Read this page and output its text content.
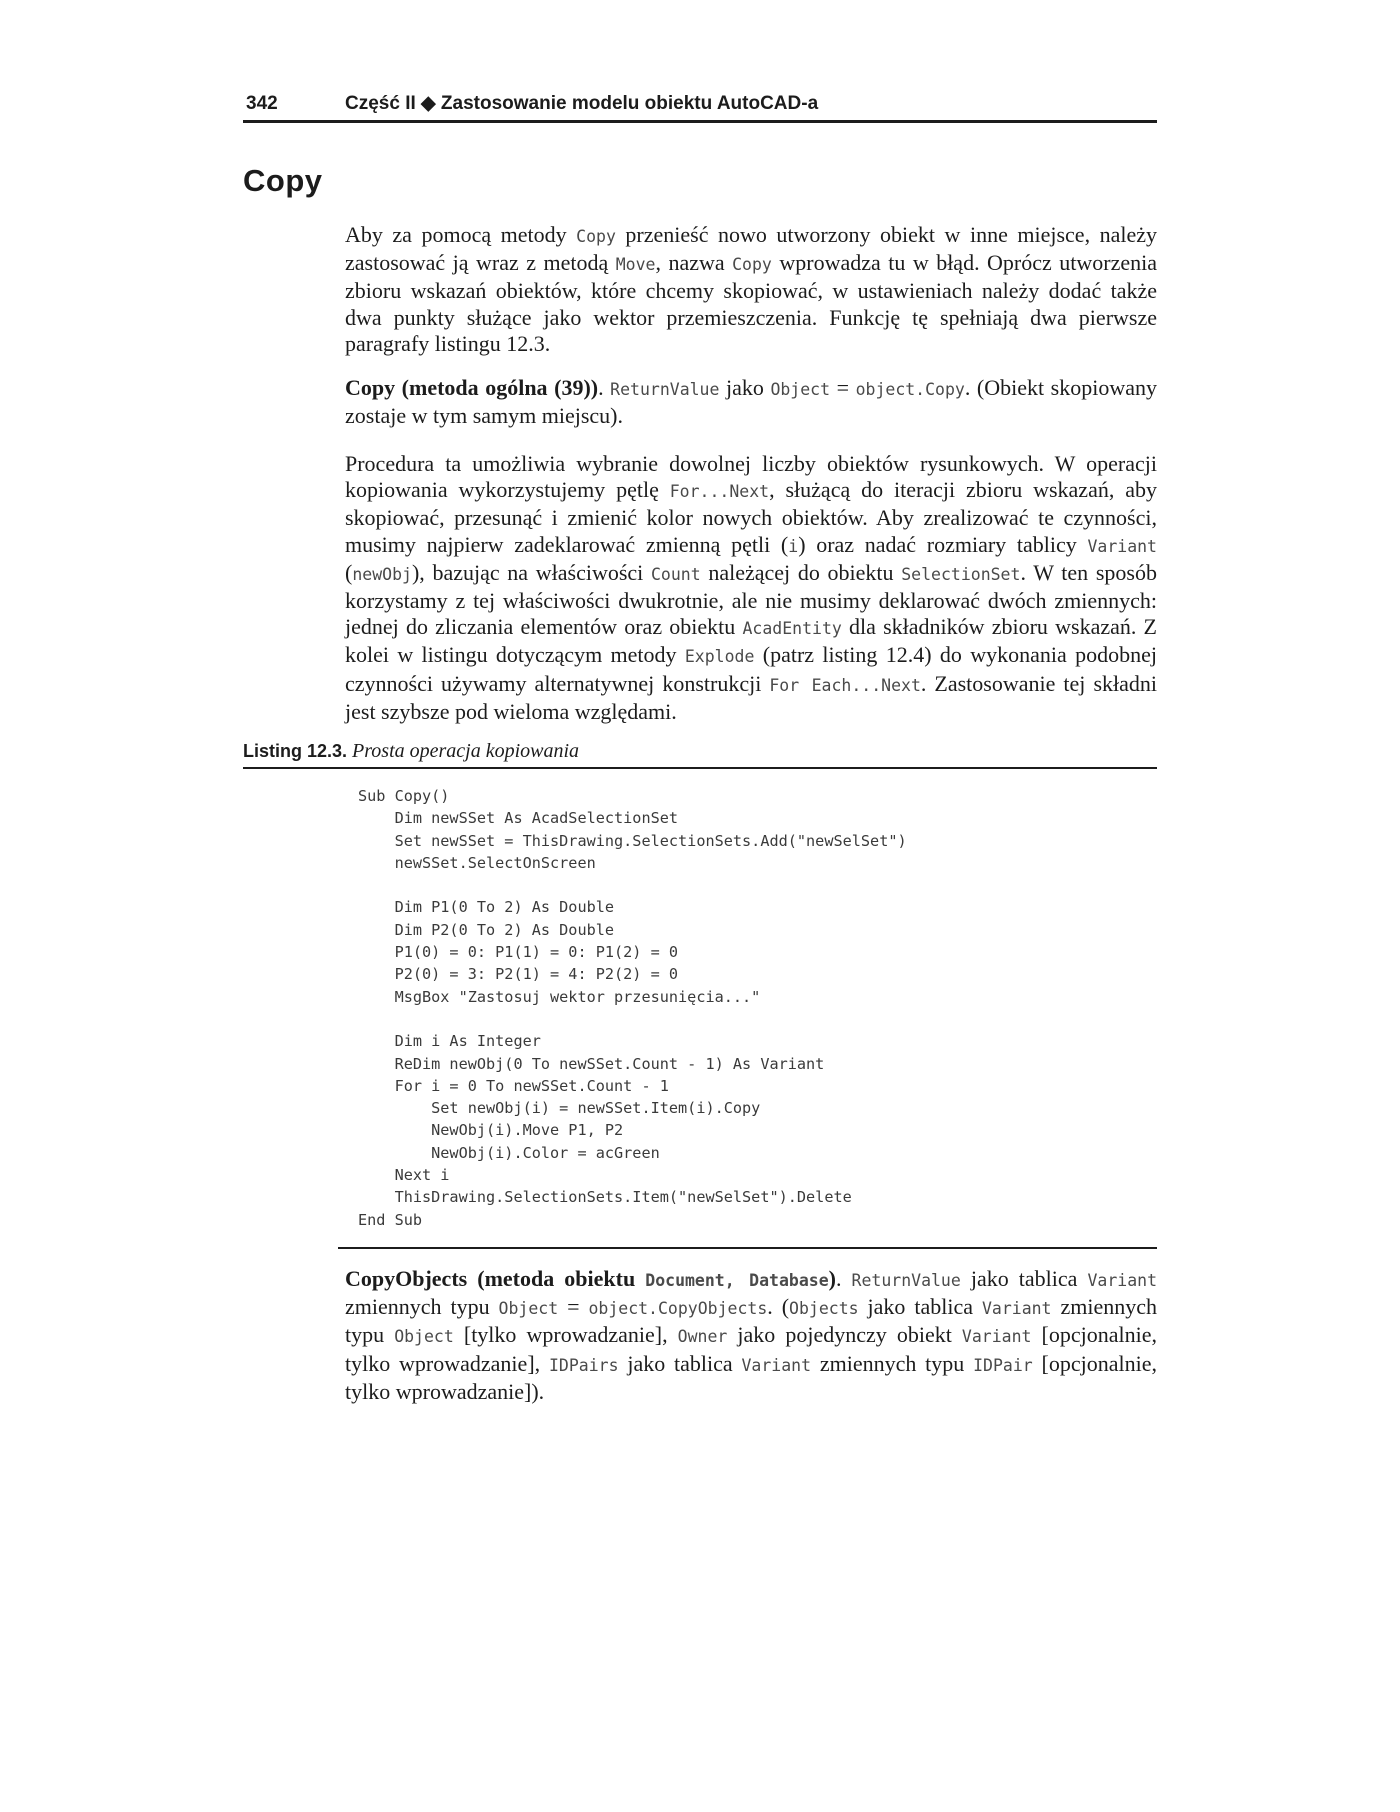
342	Część II ◆ Zastosowanie modelu obiektu AutoCAD-a
Copy

Aby za pomocą metody Copy przenieść nowo utworzony obiekt w inne miejsce, należy zastosować ją wraz z metodą Move, nazwa Copy wprowadza tu w błąd. Oprócz utworzenia zbioru wskazań obiektów, które chcemy skopiować, w ustawieniach należy dodać także dwa punkty służące jako wektor przemieszczenia. Funkcję tę spełniają dwa pierwsze paragrafy listingu 12.3.

Copy (metoda ogólna (39)). ReturnValue jako Object = object.Copy. (Obiekt skopiowany zostaje w tym samym miejscu).

Procedura ta umożliwia wybranie dowolnej liczby obiektów rysunkowych. W operacji kopiowania wykorzystujemy pętlę For...Next, służącą do iteracji zbioru wskazań, aby skopiować, przesunąć i zmienić kolor nowych obiektów. Aby zrealizować te czynności, musimy najpierw zadeklarować zmienną pętli (i) oraz nadać rozmiary tablicy Variant (newObj), bazując na właściwości Count należącej do obiektu SelectionSet. W ten sposób korzystamy z tej właściwości dwukrotnie, ale nie musimy deklarować dwóch zmiennych: jednej do zliczania elementów oraz obiektu AcadEntity dla składników zbioru wskazań. Z kolei w listingu dotyczącym metody Explode (patrz listing 12.4) do wykonania podobnej czynności używamy alternatywnej konstrukcji For Each...Next. Zastosowanie tej składni jest szybsze pod wieloma względami.

Listing 12.3. Prosta operacja kopiowania
Sub Copy()
Dim newSSet As AcadSelectionSet
Set newSSet = ThisDrawing.SelectionSets.Add("newSelSet")
newSSet.SelectOnScreen
Dim P1(0 To 2) As Double
Dim P2(0 To 2) As Double
P1(0) = 0: P1(1) = 0: P1(2) = 0
P2(0) = 3: P2(1) = 4: P2(2) = 0
MsgBox "Zastosuj wektor przesunięcia..."
Dim i As Integer
ReDim newObj(0 To newSSet.Count - 1) As Variant
For i = 0 To newSSet.Count - 1
Set newObj(i) = newSSet.Item(i).Copy
NewObj(i).Move P1, P2
NewObj(i).Color = acGreen
Next i
ThisDrawing.SelectionSets.Item("newSelSet").Delete
End Sub

CopyObjects (metoda obiektu Document, Database). ReturnValue jako tablica Variant zmiennych typu Object = object.CopyObjects. (Objects jako tablica Variant zmiennych typu Object [tylko wprowadzanie], Owner jako pojedynczy obiekt Variant [opcjonalnie, tylko wprowadzanie], IDPairs jako tablica Variant zmiennych typu IDPair [opcjonalnie, tylko wprowadzanie]).
